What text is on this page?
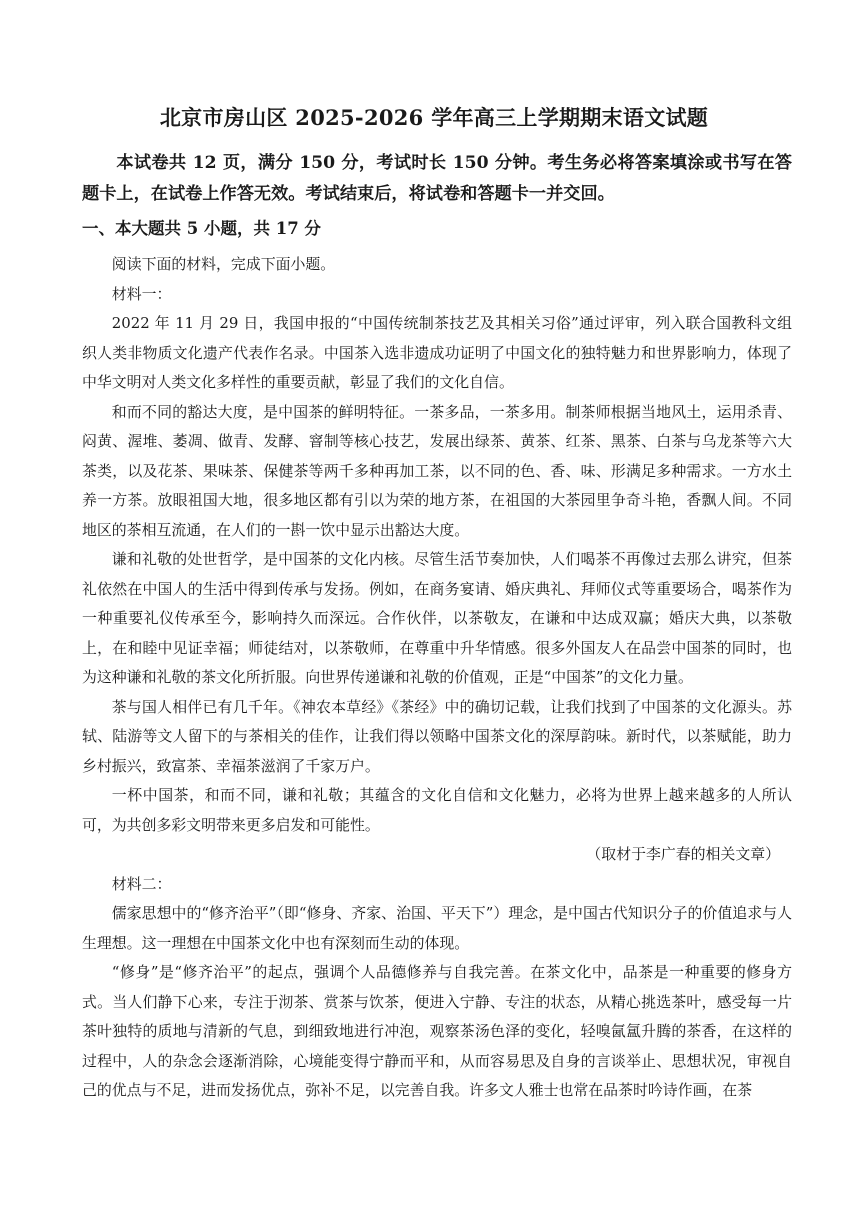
北京市房山区 2025-2026 学年高三上学期期末语文试题

本试卷共 12 页，满分 150 分，考试时长 150 分钟。考生务必将答案填涂或书写在答题卡上，在试卷上作答无效。考试结束后，将试卷和答题卡一并交回。

一、本大题共 5 小题，共 17 分

阅读下面的材料，完成下面小题。

材料一：

2022 年 11 月 29 日，我国申报的“中国传统制茶技艺及其相关习俗”通过评审，列入联合国教科文组织人类非物质文化遗产代表作名录。中国茶入选非遗成功证明了中国文化的独特魅力和世界影响力，体现了中华文明对人类文化多样性的重要贡献，彰显了我们的文化自信。

和而不同的豁达大度，是中国茶的鲜明特征。一茶多品，一茶多用。制茶师根据当地风土，运用杀青、闷黄、渥堆、萎凋、做青、发酵、窨制等核心技艺，发展出绿茶、黄茶、红茶、黑茶、白茶与乌龙茶等六大茶类，以及花茶、果味茶、保健茶等两千多种再加工茶，以不同的色、香、味、形满足多种需求。一方水土养一方茶。放眼祖国大地，很多地区都有引以为荣的地方茶，在祖国的大茶园里争奇斗艳，香飘人间。不同地区的茶相互流通，在人们的一斟一饮中显示出豁达大度。

谦和礼敬的处世哲学，是中国茶的文化内核。尽管生活节奏加快，人们喝茶不再像过去那么讲究，但茶礼依然在中国人的生活中得到传承与发扬。例如，在商务宴请、婚庆典礼、拜师仪式等重要场合，喝茶作为一种重要礼仪传承至今，影响持久而深远。合作伙伴，以茶敬友，在谦和中达成双赢；婚庆大典，以茶敬上，在和睦中见证幸福；师徒结对，以茶敬师，在尊重中升华情感。很多外国友人在品尝中国茶的同时，也为这种谦和礼敬的茶文化所折服。向世界传递谦和礼敬的价值观，正是“中国茶”的文化力量。

茶与国人相伴已有几千年。《神农本草经》《茶经》中的确切记载，让我们找到了中国茶的文化源头。苏轼、陆游等文人留下的与茶相关的佳作，让我们得以领略中国茶文化的深厚韵味。新时代，以茶赋能，助力乡村振兴，致富茶、幸福茶滋润了千家万户。

一杯中国茶，和而不同，谦和礼敬；其蕴含的文化自信和文化魅力，必将为世界上越来越多的人所认可，为共创多彩文明带来更多启发和可能性。

（取材于李广春的相关文章）

材料二：

儒家思想中的“修齐治平”（即“修身、齐家、治国、平天下”）理念，是中国古代知识分子的价值追求与人生理想。这一理想在中国茶文化中也有深刻而生动的体现。

“修身”是“修齐治平”的起点，强调个人品德修养与自我完善。在茶文化中，品茶是一种重要的修身方式。当人们静下心来，专注于沏茶、赏茶与饮茶，便进入宁静、专注的状态，从精心挑选茶叶，感受每一片茶叶独特的质地与清新的气息，到细致地进行冲泡，观察茶汤色泽的变化，轻嗅氤氲升腾的茶香，在这样的过程中，人的杂念会逐渐消除，心境能变得宁静而平和，从而容易思及自身的言谈举止、思想状况，审视自己的优点与不足，进而发扬优点，弥补不足，以完善自我。许多文人雅士也常在品茶时吟诗作画，在茶
